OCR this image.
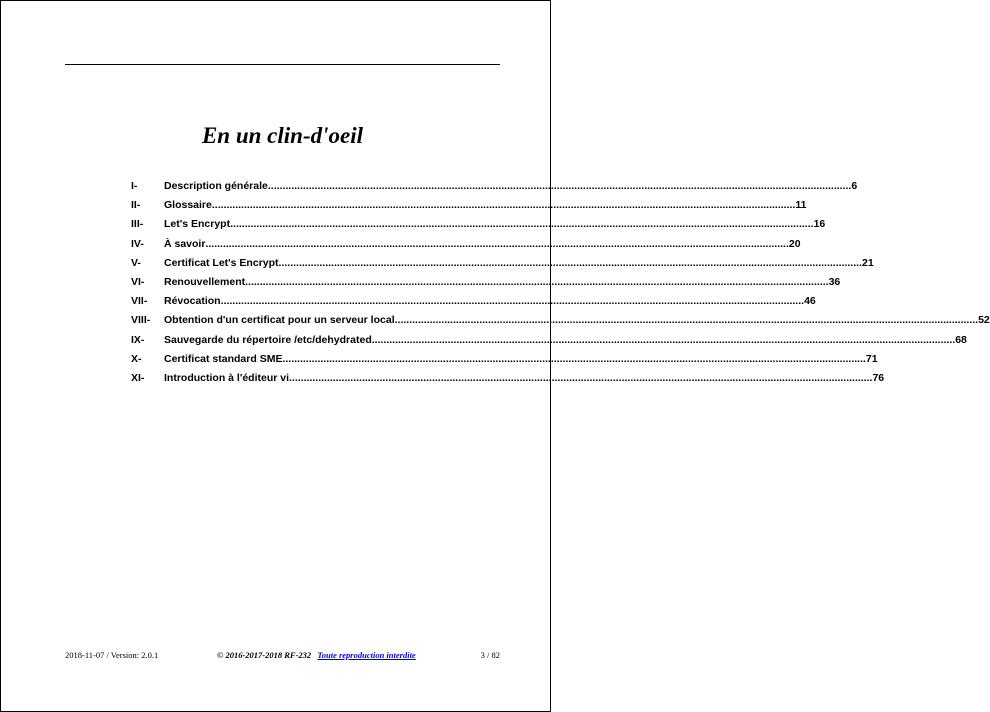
En un clin-d'oeil
I-	Description générale ........................................................................................................................................................................................................ 6
II-	Glossaire ........................................................................................................................................................................................................ 11
III-	Let's Encrypt ........................................................................................................................................................................................................ 16
IV-	À savoir ........................................................................................................................................................................................................ 20
V-	Certificat Let's Encrypt ........................................................................................................................................................................................................ 21
VI-	Renouvellement ........................................................................................................................................................................................................ 36
VII-	Révocation ........................................................................................................................................................................................................ 46
VIII-	Obtention d'un certificat pour un serveur local ........................................................................................................................................................................................................ 52
IX-	Sauvegarde du répertoire /etc/dehydrated ........................................................................................................................................................................................................ 68
X-	Certificat standard SME ........................................................................................................................................................................................................ 71
XI-	Introduction à l'éditeur vi ........................................................................................................................................................................................................ 76
2018-11-07 / Version: 2.0.1	© 2016-2017-2018 RF-232 Toute reproduction interdite	3 / 82
